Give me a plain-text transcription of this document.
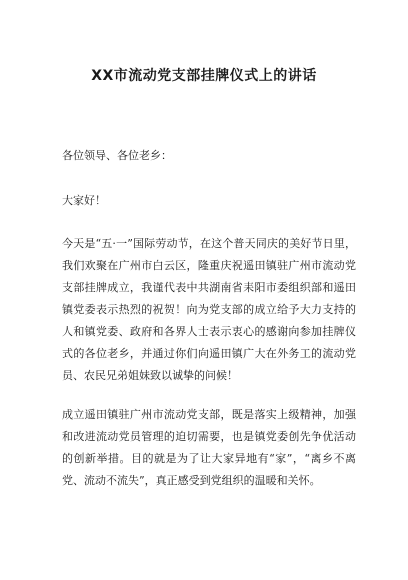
XX市流动党支部挂牌仪式上的讲话

各位领导、各位老乡：

大家好！

今天是“五·一”国际劳动节，在这个普天同庆的美好节日里，我们欢聚在广州市白云区，隆重庆祝遥田镇驻广州市流动党支部挂牌成立，我谨代表中共湖南省耒阳市委组织部和遥田镇党委表示热烈的祝贺！向为党支部的成立给予大力支持的人和镇党委、政府和各界人士表示衷心的感谢向参加挂牌仪式的各位老乡，并通过你们向遥田镇广大在外务工的流动党员、农民兄弟姐妹致以诚挚的问候！

成立遥田镇驻广州市流动党支部，既是落实上级精神，加强和改进流动党员管理的迫切需要，也是镇党委创先争优活动的创新举措。目的就是为了让大家异地有“家”，“离乡不离党、流动不流失”，真正感受到党组织的温暖和关怀。
